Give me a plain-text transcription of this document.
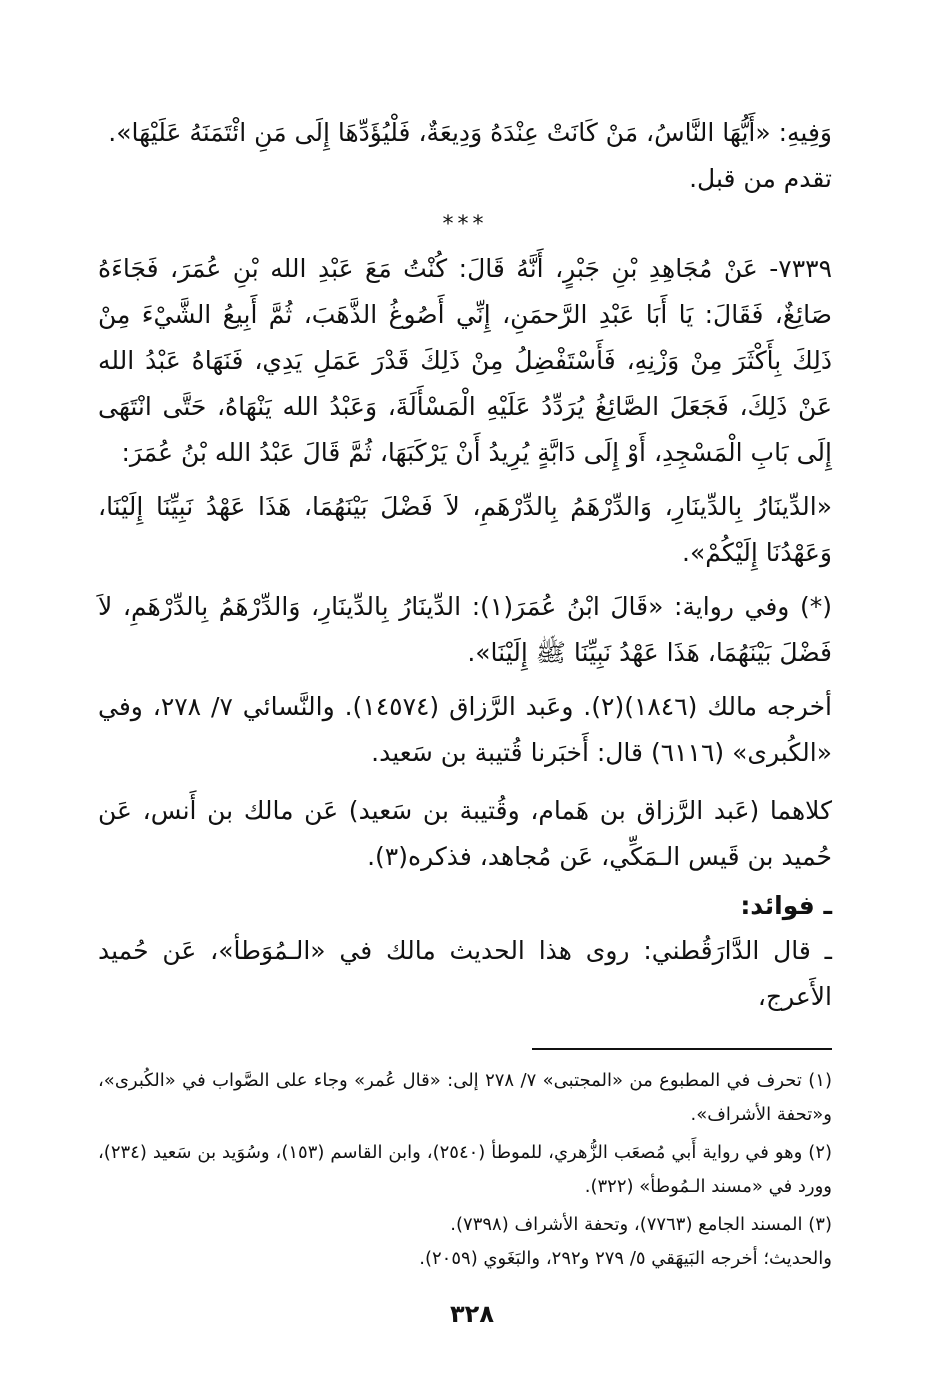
وَفِيهِ: «أَيُّهَا النَّاسُ، مَنْ كَانَتْ عِنْدَهُ وَدِيعَةٌ، فَلْيُؤَدِّهَا إِلَى مَنِ ائْتَمَنَهُ عَلَيْهَا».

تقدم من قبل.

***

٧٣٣٩- عَنْ مُجَاهِدِ بْنِ جَبْرٍ، أَنَّهُ قَالَ: كُنْتُ مَعَ عَبْدِ الله بْنِ عُمَرَ، فَجَاءَهُ صَائِغٌ، فَقَالَ: يَا أَبَا عَبْدِ الرَّحمَنِ، إِنِّي أَصُوغُ الذَّهَبَ، ثُمَّ أَبِيعُ الشَّيْءَ مِنْ ذَلِكَ بِأَكْثَرَ مِنْ وَزْنِهِ، فَأَسْتَفْضِلُ مِنْ ذَلِكَ قَدْرَ عَمَلِ يَدِي، فَنَهَاهُ عَبْدُ الله عَنْ ذَلِكَ، فَجَعَلَ الصَّائِغُ يُرَدِّدُ عَلَيْهِ الْمَسْأَلَةَ، وَعَبْدُ الله يَنْهَاهُ، حَتَّى انْتَهَى إِلَى بَابِ الْمَسْجِدِ، أَوْ إِلَى دَابَّةٍ يُرِيدُ أَنْ يَرْكَبَهَا، ثُمَّ قَالَ عَبْدُ الله بْنُ عُمَرَ:

«الدِّينَارُ بِالدِّينَارِ، وَالدِّرْهَمُ بِالدِّرْهَمِ، لاَ فَضْلَ بَيْنَهُمَا، هَذَا عَهْدُ نَبِيِّنَا إِلَيْنَا، وَعَهْدُنَا إِلَيْكُمْ».

(*) وفي رواية: «قَالَ ابْنُ عُمَرَ(١): الدِّينَارُ بِالدِّينَارِ، وَالدِّرْهَمُ بِالدِّرْهَمِ، لاَ فَضْلَ بَيْنَهُمَا، هَذَا عَهْدُ نَبِيِّنَا ﷺ إِلَيْنَا».

أخرجه مالك (١٨٤٦)(٢). وعَبد الرَّزاق (١٤٥٧٤). والنَّسائي ٧/ ٢٧٨، وفي «الكُبرى» (٦١١٦) قال: أَخبَرنا قُتيبة بن سَعيد.

كلاهما (عَبد الرَّزاق بن هَمام، وقُتيبة بن سَعيد) عَن مالك بن أَنس، عَن حُميد بن قَيس الـمَكِّي، عَن مُجاهد، فذكره(٣).

ـ فوائد:

ـ قال الدَّارَقُطني: روى هذا الحديث مالك في «الـمُوَطأ»، عَن حُميد الأَعرج،

(١) تحرف في المطبوع من «المجتبى» ٧/ ٢٧٨ إلى: «قال عُمر» وجاء على الصَّواب في «الكُبرى»، و«تحفة الأشراف».

(٢) وهو في رواية أَبي مُصعَب الزُّهري، للموطأ (٢٥٤٠)، وابن القاسم (١٥٣)، وسُوَيد بن سَعيد (٢٣٤)، وورد في «مسند الـمُوطأ» (٣٢٢).

(٣) المسند الجامع (٧٧٦٣)، وتحفة الأشراف (٧٣٩٨).

والحديث؛ أخرجه البَيهَقي ٥/ ٢٧٩ و٢٩٢، والبَغَوي (٢٠٥٩).

٣٢٨
